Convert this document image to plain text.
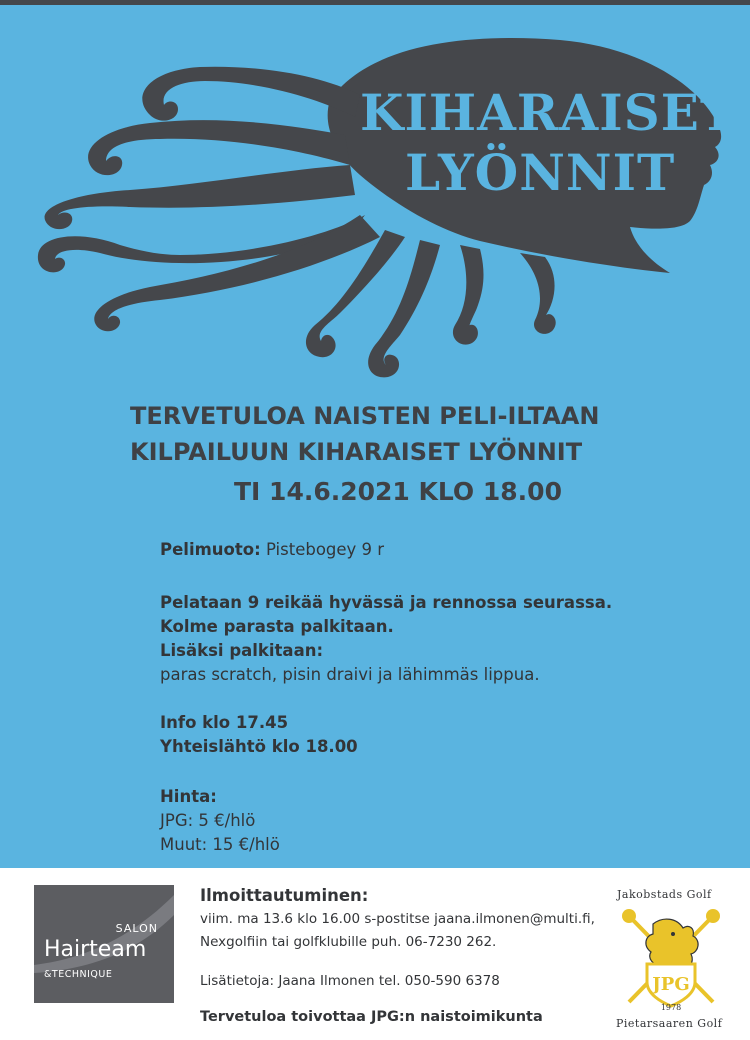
KIHARAISET
LYÖNNIT
TERVETULOA NAISTEN PELI-ILTAAN
KILPAILUUN KIHARAISET LYÖNNIT
TI 14.6.2021 KLO 18.00
Pelimuoto: Pistebogey 9 r
Pelataan 9 reikää hyvässä ja rennossa seurassa.
Kolme parasta palkitaan.
Lisäksi palkitaan:
paras scratch, pisin draivi ja lähimmäs lippua.
Info klo 17.45
Yhteislähtö klo 18.00
Hinta:
JPG: 5 €/hlö
Muut: 15 €/hlö
SALON
Hairteam
&TECHNIQUE
Ilmoittautuminen:
viim. ma 13.6 klo 16.00 s-postitse jaana.ilmonen@multi.fi,
Nexgolfiin tai golfklubille puh. 06-7230 262.
Lisätietoja: Jaana Ilmonen tel. 050-590 6378
Tervetuloa toivottaa JPG:n naistoimikunta
Jakobstads Golf
JPG
1978
Pietarsaaren Golf
